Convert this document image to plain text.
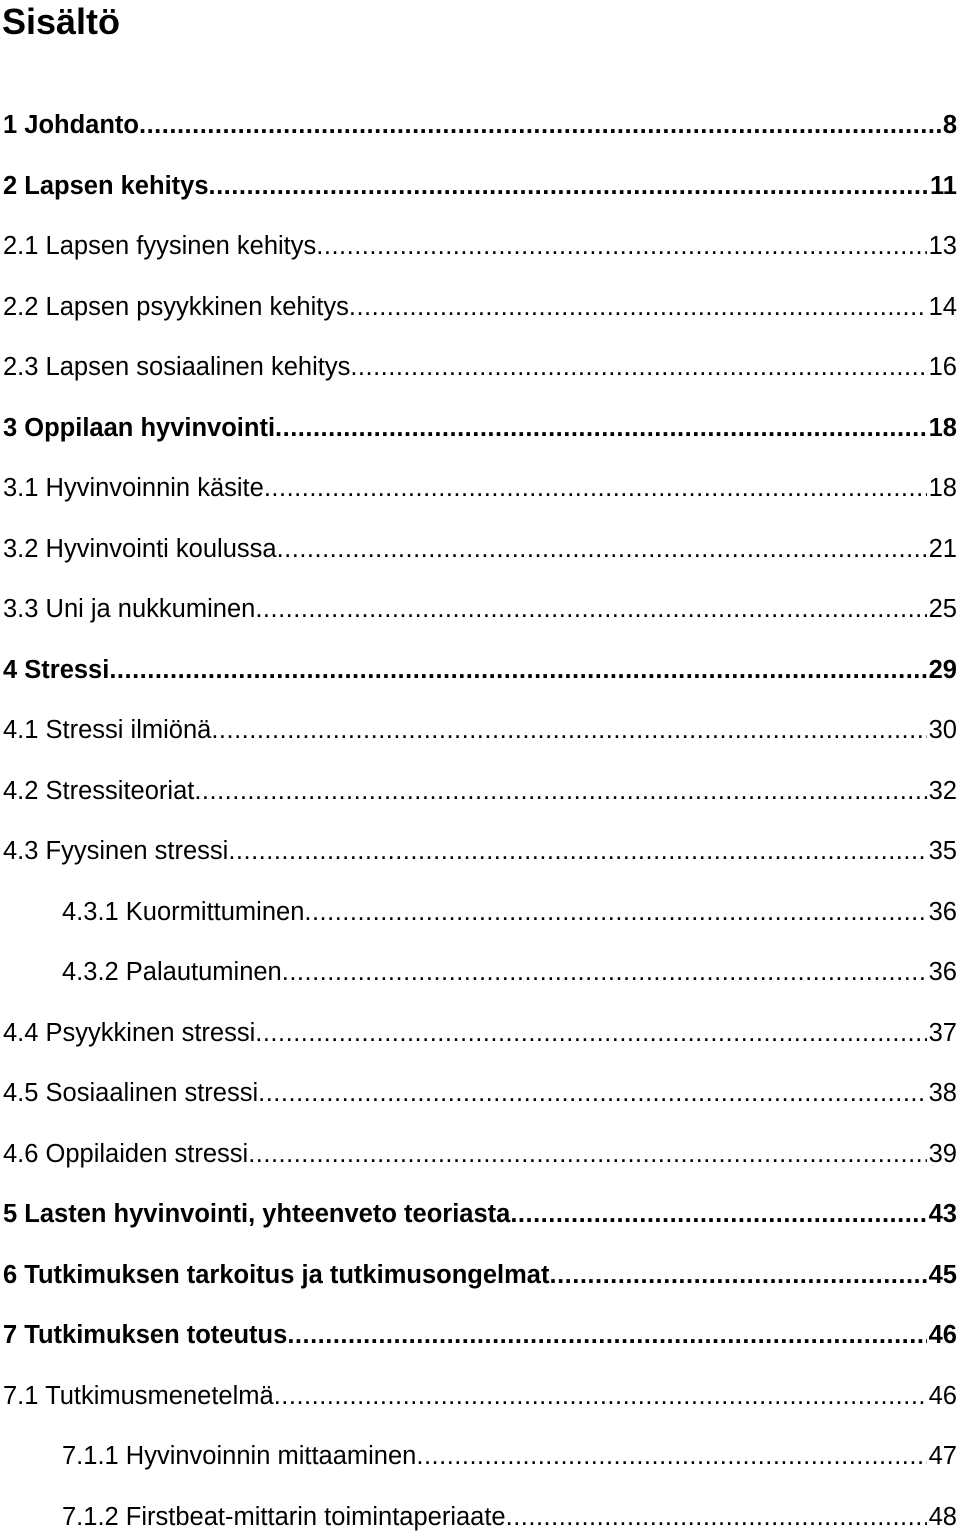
Sisältö
1 Johdanto .....	8
2 Lapsen kehitys .....	11
2.1 Lapsen fyysinen kehitys .....	13
2.2 Lapsen psyykkinen kehitys .....	14
2.3 Lapsen sosiaalinen kehitys .....	16
3 Oppilaan hyvinvointi .....	18
3.1 Hyvinvoinnin käsite .....	18
3.2 Hyvinvointi koulussa .....	21
3.3 Uni ja nukkuminen .....	25
4 Stressi .....	29
4.1 Stressi ilmiönä .....	30
4.2 Stressiteoriat .....	32
4.3 Fyysinen stressi .....	35
4.3.1 Kuormittuminen .....	36
4.3.2 Palautuminen .....	36
4.4 Psyykkinen stressi .....	37
4.5 Sosiaalinen stressi .....	38
4.6 Oppilaiden stressi .....	39
5 Lasten hyvinvointi, yhteenveto teoriasta .....	43
6 Tutkimuksen tarkoitus ja tutkimusongelmat .....	45
7 Tutkimuksen toteutus .....	46
7.1 Tutkimusmenetelmä .....	46
7.1.1 Hyvinvoinnin mittaaminen .....	47
7.1.2 Firstbeat-mittarin toimintaperiaate .....	48
